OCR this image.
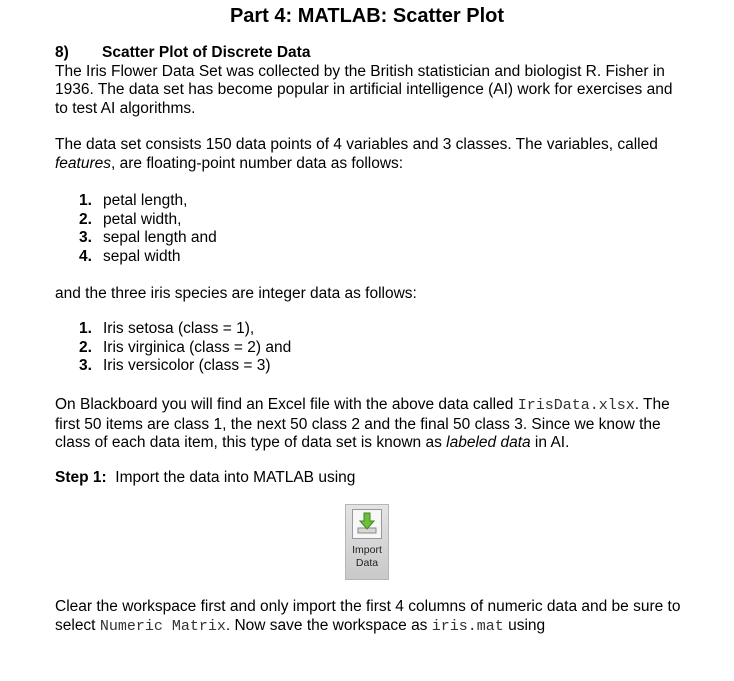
Part 4: MATLAB: Scatter Plot
8) Scatter Plot of Discrete Data
The Iris Flower Data Set was collected by the British statistician and biologist R. Fisher in 1936. The data set has become popular in artificial intelligence (AI) work for exercises and to test AI algorithms.
The data set consists 150 data points of 4 variables and 3 classes. The variables, called features, are floating-point number data as follows:
1. petal length,
2. petal width,
3. sepal length and
4. sepal width
and the three iris species are integer data as follows:
1. Iris setosa (class = 1),
2. Iris virginica (class = 2) and
3. Iris versicolor (class = 3)
On Blackboard you will find an Excel file with the above data called IrisData.xlsx. The first 50 items are class 1, the next 50 class 2 and the final 50 class 3. Since we know the class of each data item, this type of data set is known as labeled data in AI.
Step 1:  Import the data into MATLAB using
Import
Data
Clear the workspace first and only import the first 4 columns of numeric data and be sure to select Numeric Matrix. Now save the workspace as iris.mat using
